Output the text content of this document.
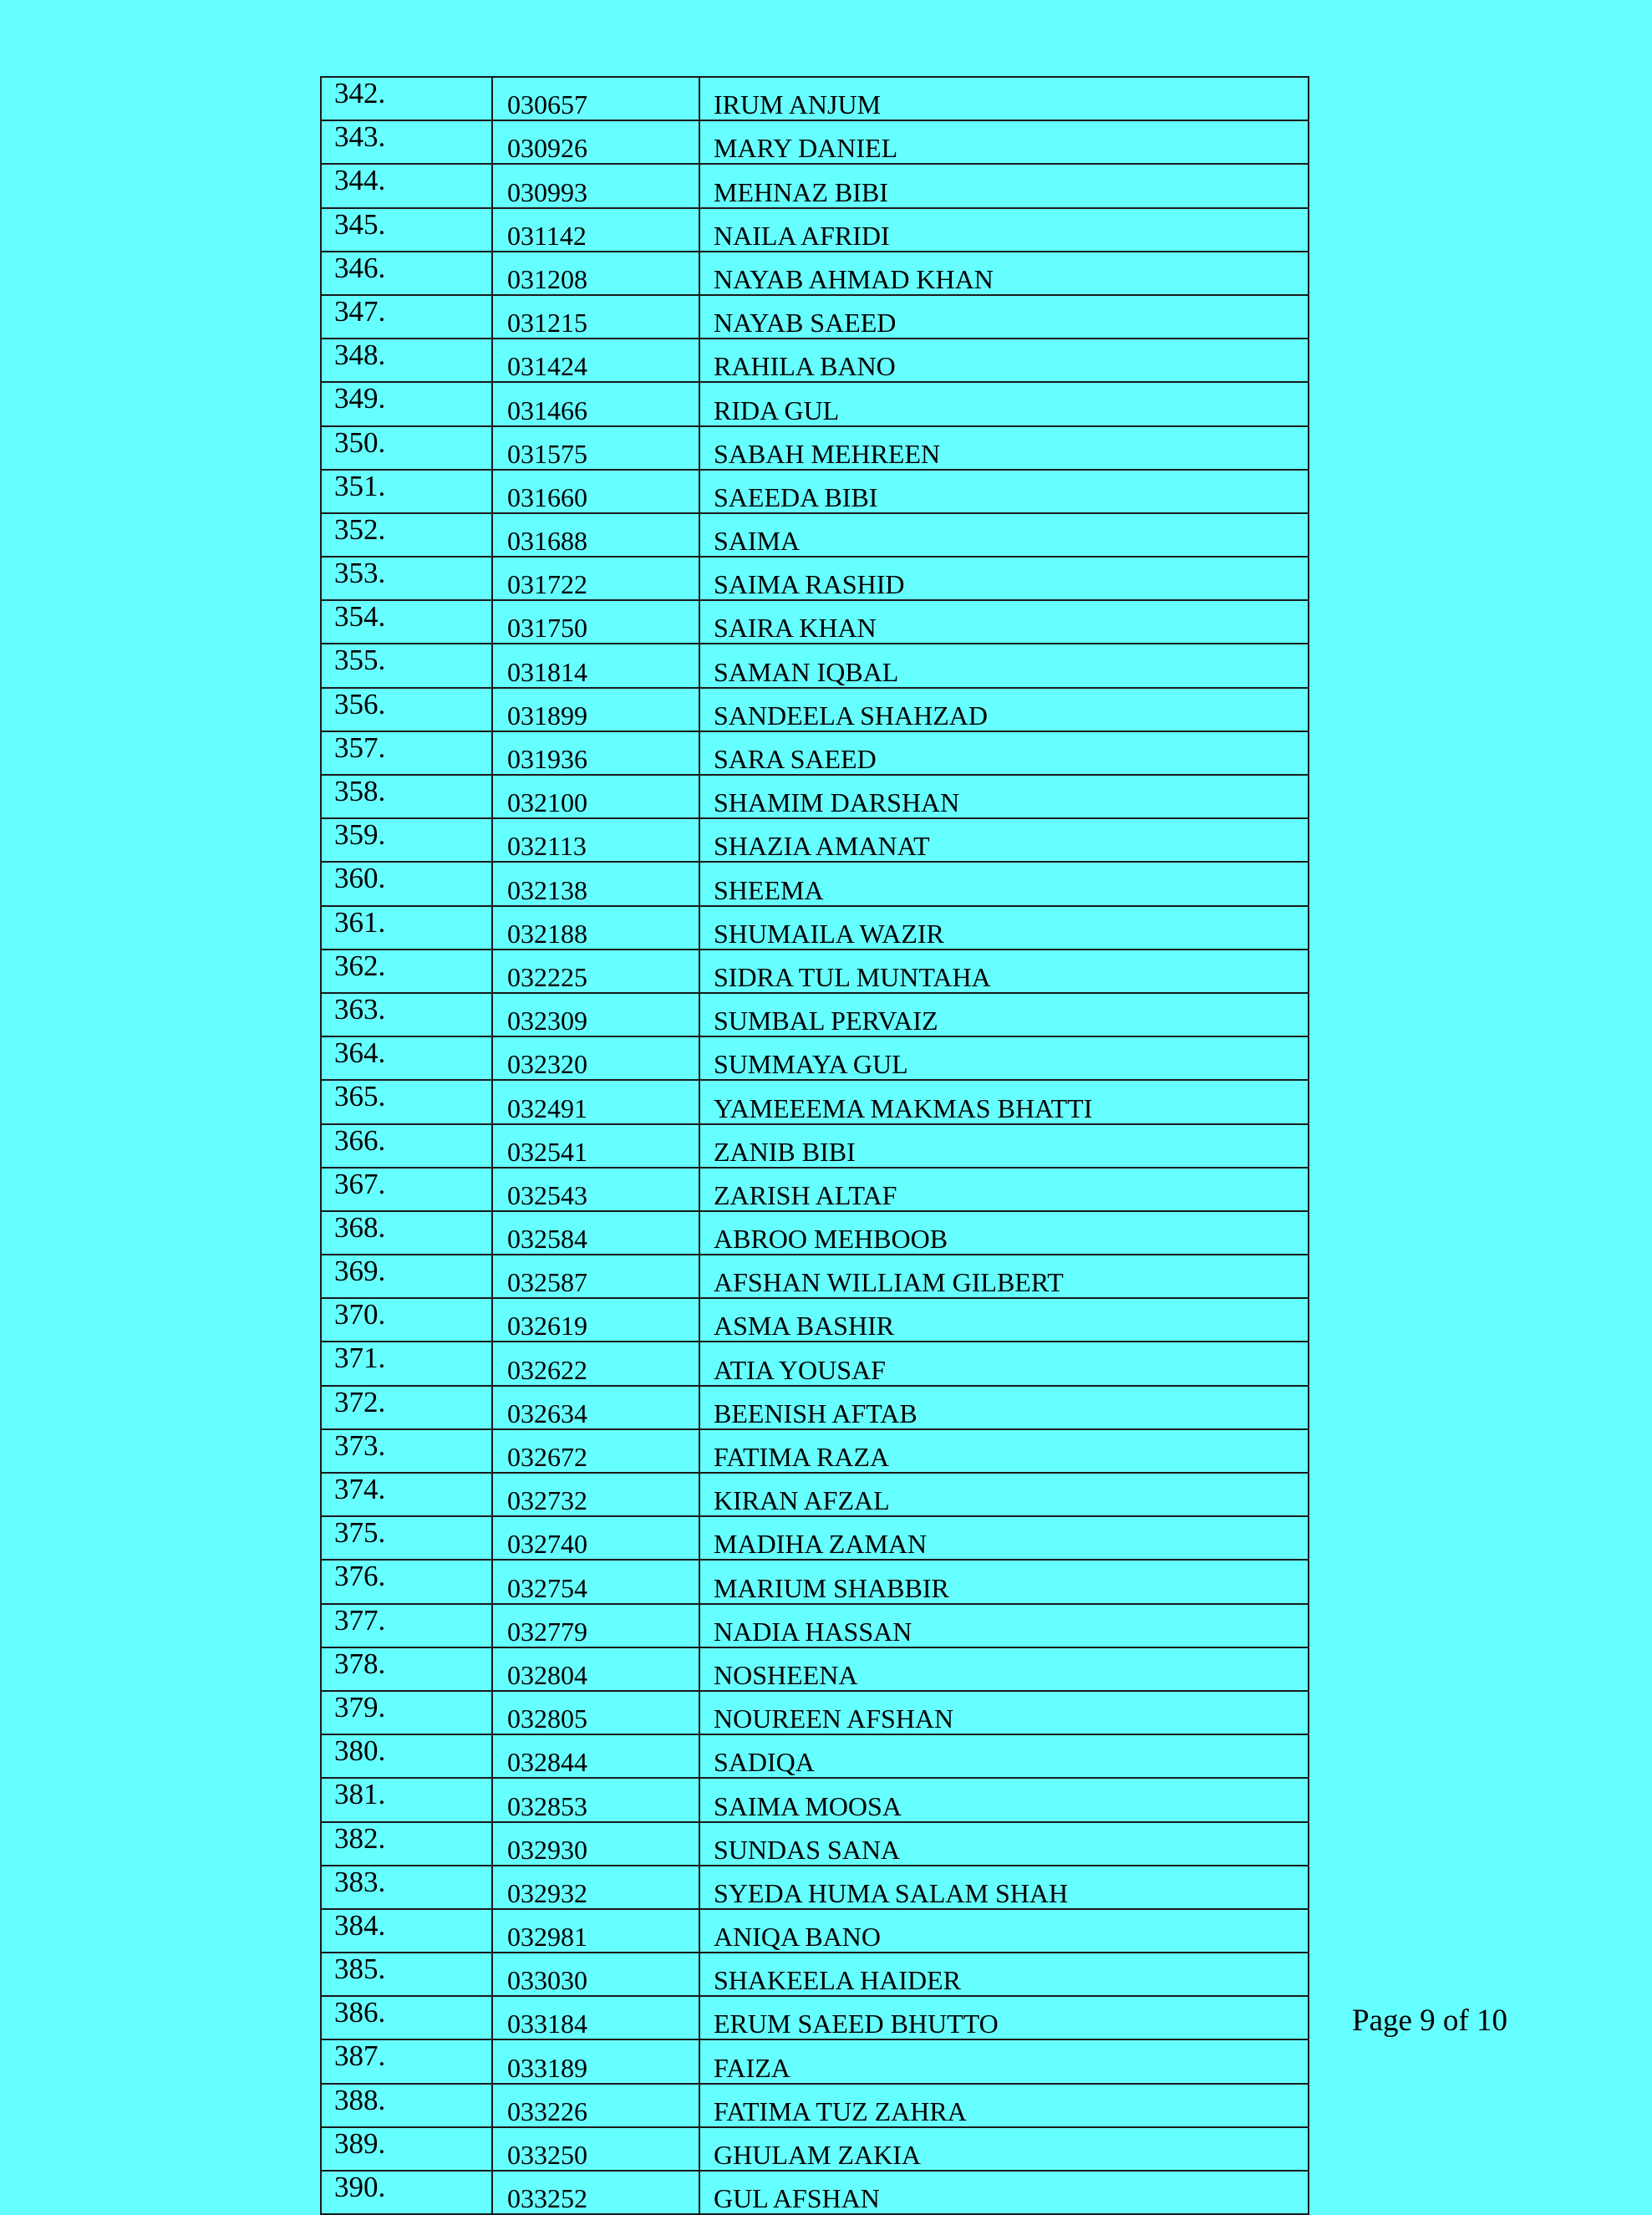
342.	030657	IRUM ANJUM
343.	030926	MARY DANIEL
344.	030993	MEHNAZ BIBI
345.	031142	NAILA AFRIDI
346.	031208	NAYAB AHMAD KHAN
347.	031215	NAYAB SAEED
348.	031424	RAHILA BANO
349.	031466	RIDA GUL
350.	031575	SABAH MEHREEN
351.	031660	SAEEDA BIBI
352.	031688	SAIMA
353.	031722	SAIMA RASHID
354.	031750	SAIRA KHAN
355.	031814	SAMAN IQBAL
356.	031899	SANDEELA SHAHZAD
357.	031936	SARA SAEED
358.	032100	SHAMIM DARSHAN
359.	032113	SHAZIA AMANAT
360.	032138	SHEEMA
361.	032188	SHUMAILA WAZIR
362.	032225	SIDRA TUL MUNTAHA
363.	032309	SUMBAL PERVAIZ
364.	032320	SUMMAYA GUL
365.	032491	YAMEEEMA MAKMAS BHATTI
366.	032541	ZANIB BIBI
367.	032543	ZARISH ALTAF
368.	032584	ABROO MEHBOOB
369.	032587	AFSHAN WILLIAM GILBERT
370.	032619	ASMA BASHIR
371.	032622	ATIA YOUSAF
372.	032634	BEENISH AFTAB
373.	032672	FATIMA RAZA
374.	032732	KIRAN AFZAL
375.	032740	MADIHA ZAMAN
376.	032754	MARIUM SHABBIR
377.	032779	NADIA HASSAN
378.	032804	NOSHEENA
379.	032805	NOUREEN AFSHAN
380.	032844	SADIQA
381.	032853	SAIMA MOOSA
382.	032930	SUNDAS SANA
383.	032932	SYEDA HUMA SALAM SHAH
384.	032981	ANIQA BANO
385.	033030	SHAKEELA HAIDER
386.	033184	ERUM SAEED BHUTTO
387.	033189	FAIZA
388.	033226	FATIMA TUZ ZAHRA
389.	033250	GHULAM ZAKIA
390.	033252	GUL AFSHAN
Page 9 of 10
